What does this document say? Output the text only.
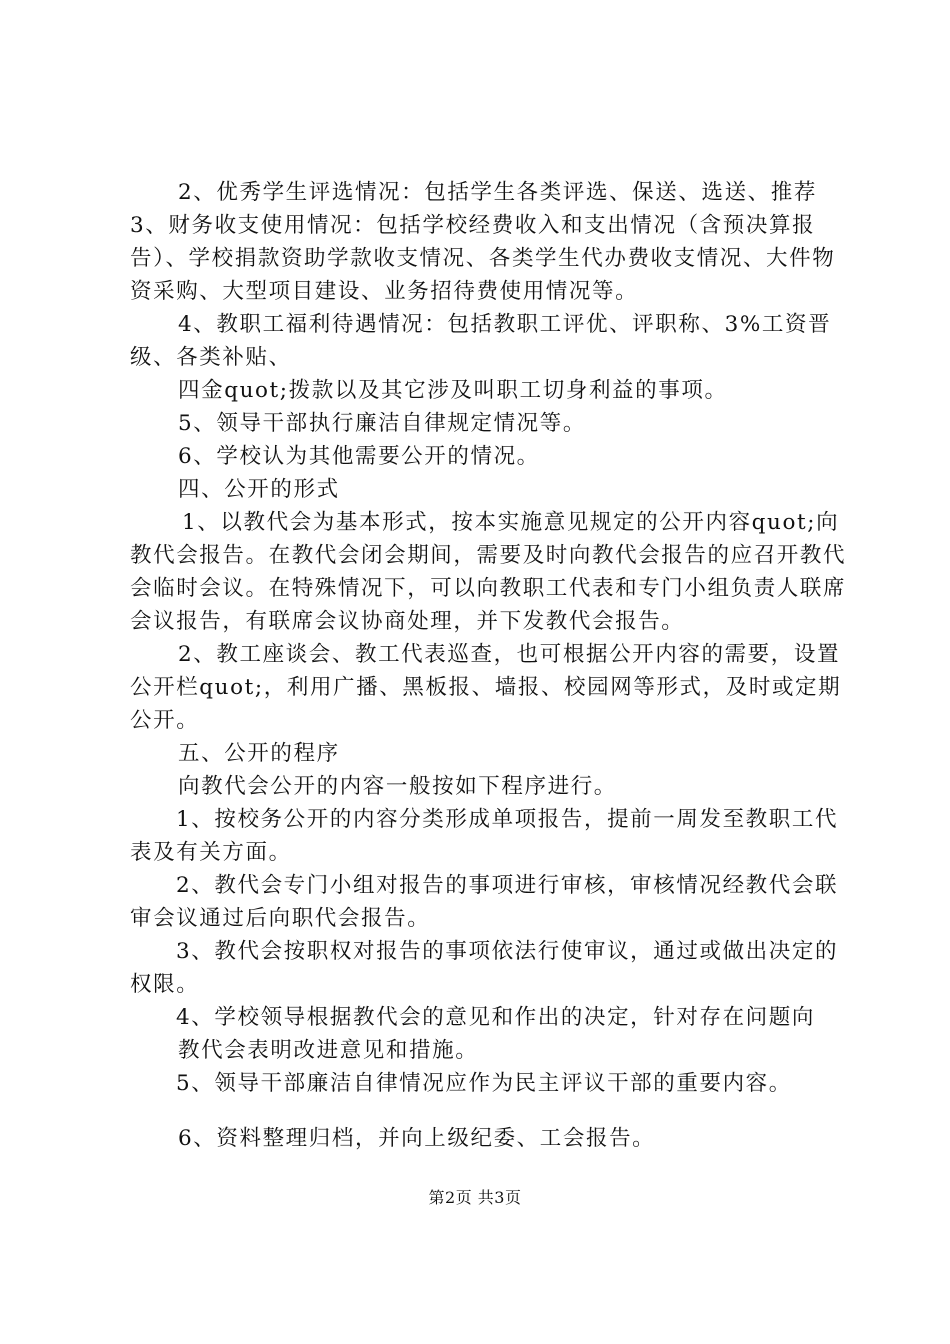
2、优秀学生评选情况：包括学生各类评选、保送、选送、推荐3、财务收支使用情况：包括学校经费收入和支出情况（含预决算报告）、学校捐款资助学款收支情况、各类学生代办费收支情况、大件物资采购、大型项目建设、业务招待费使用情况等。

4、教职工福利待遇情况：包括教职工评优、评职称、3%工资晋级、各类补贴、

四金quot;拨款以及其它涉及叫职工切身利益的事项。

5、领导干部执行廉洁自律规定情况等。

6、学校认为其他需要公开的情况。

四、公开的形式

1、以教代会为基本形式，按本实施意见规定的公开内容quot;向教代会报告。在教代会闭会期间，需要及时向教代会报告的应召开教代会临时会议。在特殊情况下，可以向教职工代表和专门小组负责人联席会议报告，有联席会议协商处理，并下发教代会报告。

2、教工座谈会、教工代表巡查，也可根据公开内容的需要，设置公开栏quot;，利用广播、黑板报、墙报、校园网等形式，及时或定期公开。

五、公开的程序

向教代会公开的内容一般按如下程序进行。

1、按校务公开的内容分类形成单项报告，提前一周发至教职工代表及有关方面。

2、教代会专门小组对报告的事项进行审核，审核情况经教代会联审会议通过后向职代会报告。

3、教代会按职权对报告的事项依法行使审议，通过或做出决定的权限。

4、学校领导根据教代会的意见和作出的决定，针对存在问题向

教代会表明改进意见和措施。

5、领导干部廉洁自律情况应作为民主评议干部的重要内容。

6、资料整理归档，并向上级纪委、工会报告。

第2页 共3页
